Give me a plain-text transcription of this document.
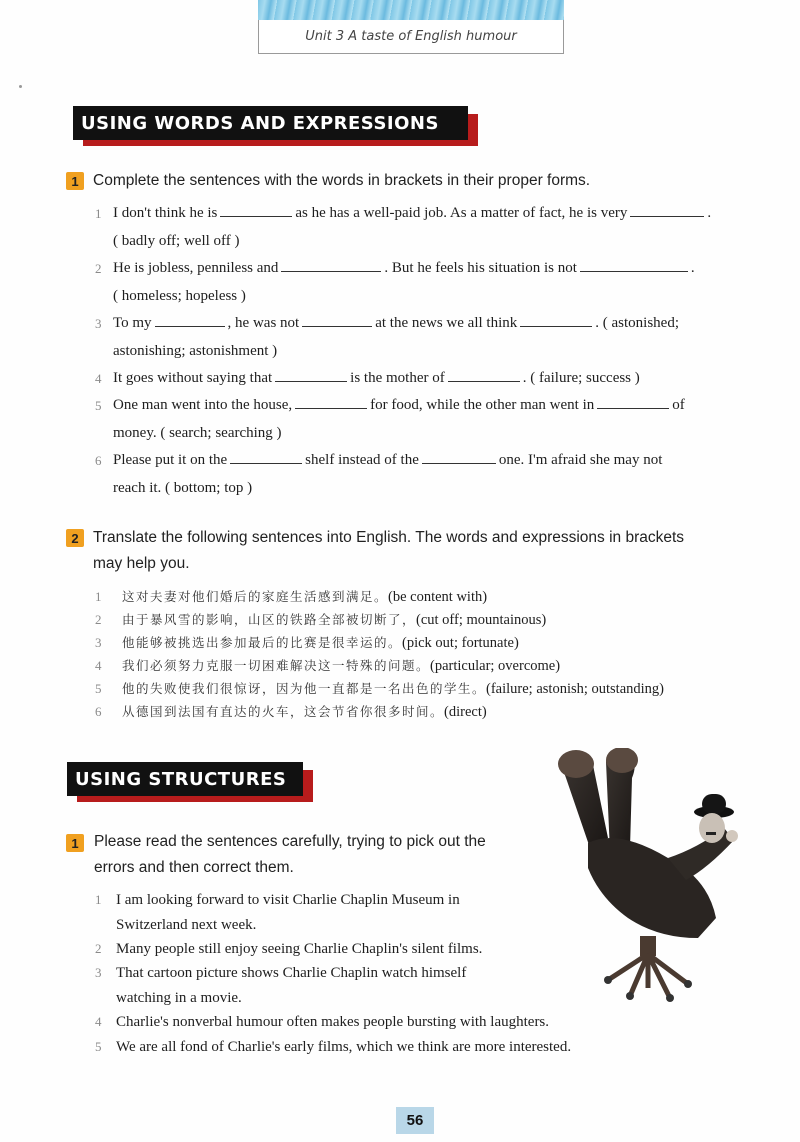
Unit 3 A taste of English humour
USING WORDS AND EXPRESSIONS
1 Complete the sentences with the words in brackets in their proper forms.
1 I don't think he is	as he has a well-paid job. As a matter of fact, he is very	.
( badly off; well off )
2 He is jobless, penniless and	. But he feels his situation is not	.
( homeless; hopeless )
3 To my	, he was not	at the news we all think	. ( astonished;
astonishing; astonishment )
4 It goes without saying that	is the mother of	. ( failure; success )
5 One man went into the house,	for food, while the other man went in	of
money. ( search; searching )
6 Please put it on the	shelf instead of the	one. I'm afraid she may not
reach it. ( bottom; top )
2 Translate the following sentences into English. The words and expressions in brackets
may help you.
1 这对夫妻对他们婚后的家庭生活感到满足。(be content with)
2 由于暴风雪的影响，山区的铁路全部被切断了，(cut off; mountainous)
3 他能够被挑选出参加最后的比赛是很幸运的。(pick out; fortunate)
4 我们必须努力克服一切困难解决这一特殊的问题。(particular; overcome)
5 他的失败使我们很惊讶，因为他一直都是一名出色的学生。(failure; astonish; outstanding)
6 从德国到法国有直达的火车，这会节省你很多时间。(direct)
USING STRUCTURES
1 Please read the sentences carefully, trying to pick out the
errors and then correct them.
1 I am looking forward to visit Charlie Chaplin Museum in
Switzerland next week.
2 Many people still enjoy seeing Charlie Chaplin's silent films.
3 That cartoon picture shows Charlie Chaplin watch himself
watching in a movie.
4 Charlie's nonverbal humour often makes people bursting with laughters.
5 We are all fond of Charlie's early films, which we think are more interested.
56
